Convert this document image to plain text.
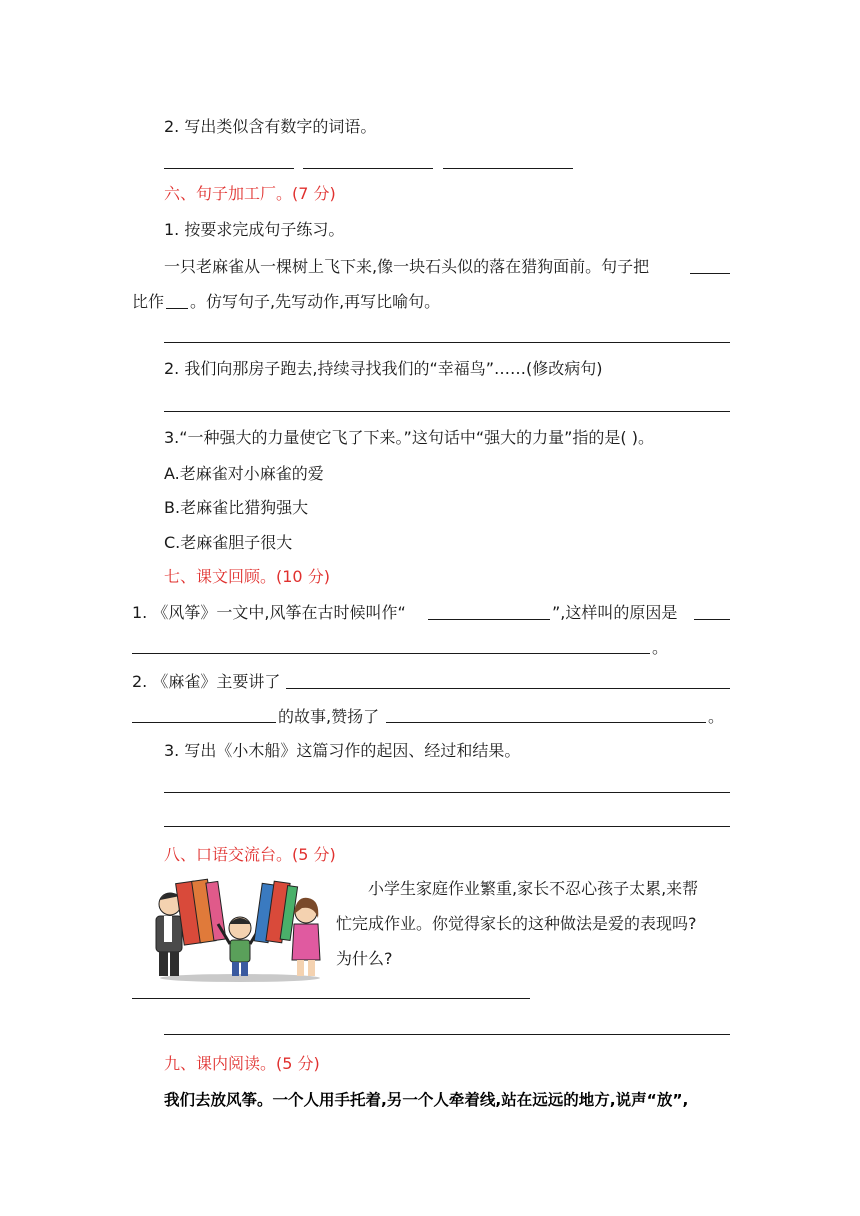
2. 写出类似含有数字的词语。
六、句子加工厂。(7 分)
1. 按要求完成句子练习。
一只老麻雀从一棵树上飞下来,像一块石头似的落在猎狗面前。句子把
比作 。仿写句子,先写动作,再写比喻句。
2. 我们向那房子跑去,持续寻找我们的“幸福鸟”……(修改病句)
3.“一种强大的力量使它飞了下来。”这句话中“强大的力量”指的是( )。
A.老麻雀对小麻雀的爱
B.老麻雀比猎狗强大
C.老麻雀胆子很大
七、课文回顾。(10 分)
1. 《风筝》一文中,风筝在古时候叫作“	”,这样叫的原因是
。
2. 《麻雀》主要讲了
的故事,赞扬了	。
3. 写出《小木船》这篇习作的起因、经过和结果。
八、口语交流台。(5 分)
小学生家庭作业繁重,家长不忍心孩子太累,来帮
忙完成作业。你觉得家长的这种做法是爱的表现吗?
为什么?
九、课内阅读。(5 分)
我们去放风筝。一个人用手托着,另一个人牵着线,站在远远的地方,说声“放”,
